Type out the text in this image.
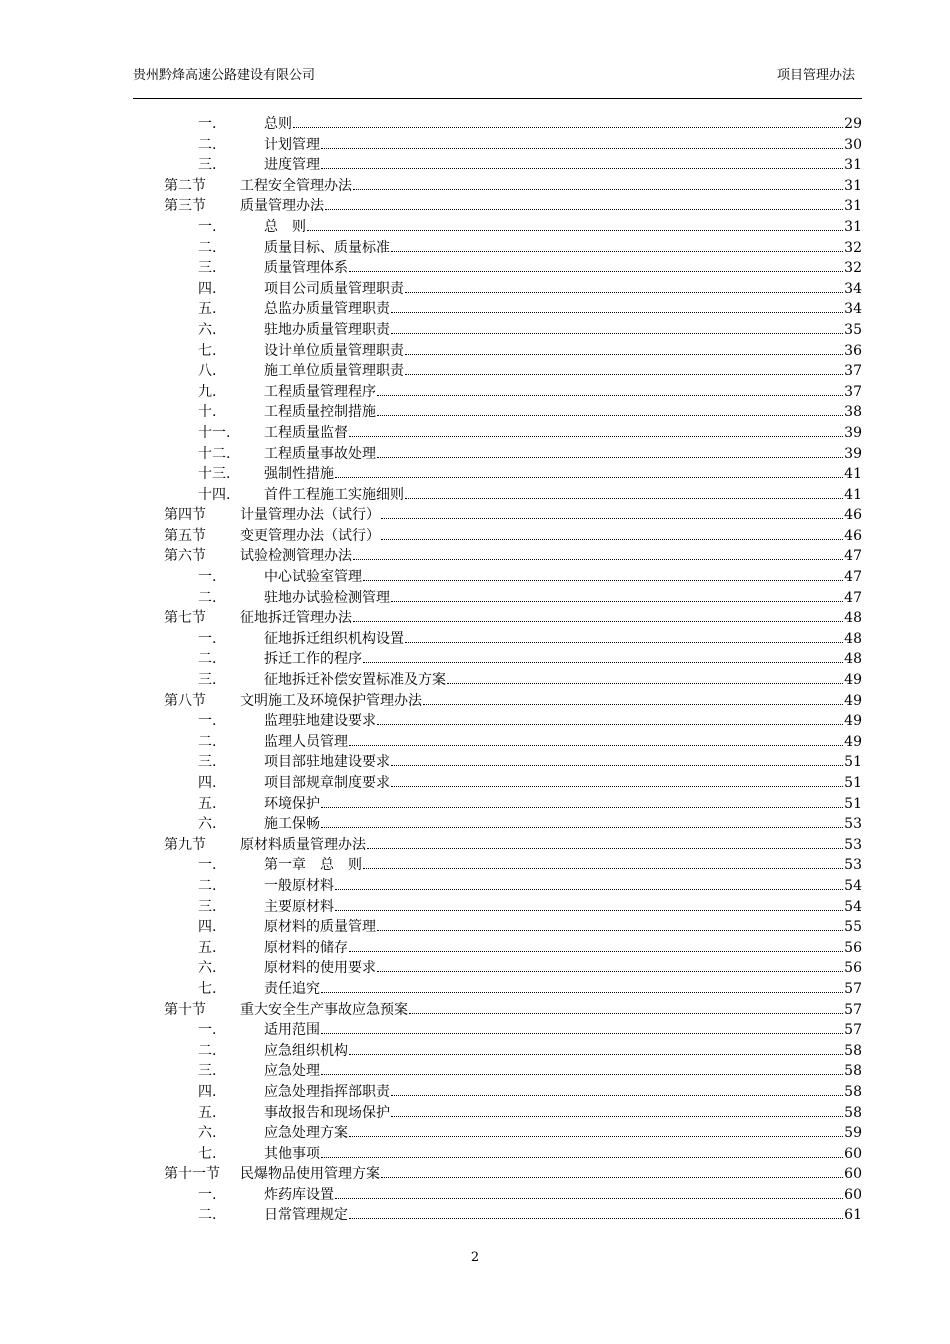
贵州黔烽高速公路建设有限公司	项目管理办法
一.	总则	29
二.	计划管理	30
三.	进度管理	31
第二节 工程安全管理办法	31
第三节 质量管理办法	31
一.	总　则	31
二.	质量目标、质量标准	32
三.	质量管理体系	32
四.	项目公司质量管理职责	34
五.	总监办质量管理职责	34
六.	驻地办质量管理职责	35
七.	设计单位质量管理职责	36
八.	施工单位质量管理职责	37
九.	工程质量管理程序	37
十.	工程质量控制措施	38
十一. 工程质量监督	39
十二. 工程质量事故处理	39
十三. 强制性措施	41
十四. 首件工程施工实施细则	41
第四节 计量管理办法（试行）	46
第五节 变更管理办法（试行）	46
第六节 试验检测管理办法	47
一.	中心试验室管理	47
二.	驻地办试验检测管理	47
第七节 征地拆迁管理办法	48
一.	征地拆迁组织机构设置	48
二.	拆迁工作的程序	48
三.	征地拆迁补偿安置标准及方案	49
第八节 文明施工及环境保护管理办法	49
一.	监理驻地建设要求	49
二.	监理人员管理	49
三.	项目部驻地建设要求	51
四.	项目部规章制度要求	51
五.	环境保护	51
六.	施工保畅	53
第九节 原材料质量管理办法	53
一.	第一章　总　则	53
二.	一般原材料	54
三.	主要原材料	54
四.	原材料的质量管理	55
五.	原材料的储存	56
六.	原材料的使用要求	56
七.	责任追究	57
第十节 重大安全生产事故应急预案	57
一.	适用范围	57
二.	应急组织机构	58
三.	应急处理	58
四.	应急处理指挥部职责	58
五.	事故报告和现场保护	58
六.	应急处理方案	59
七.	其他事项	60
第十一节 民爆物品使用管理方案	60
一.	炸药库设置	60
二.	日常管理规定	61
2
